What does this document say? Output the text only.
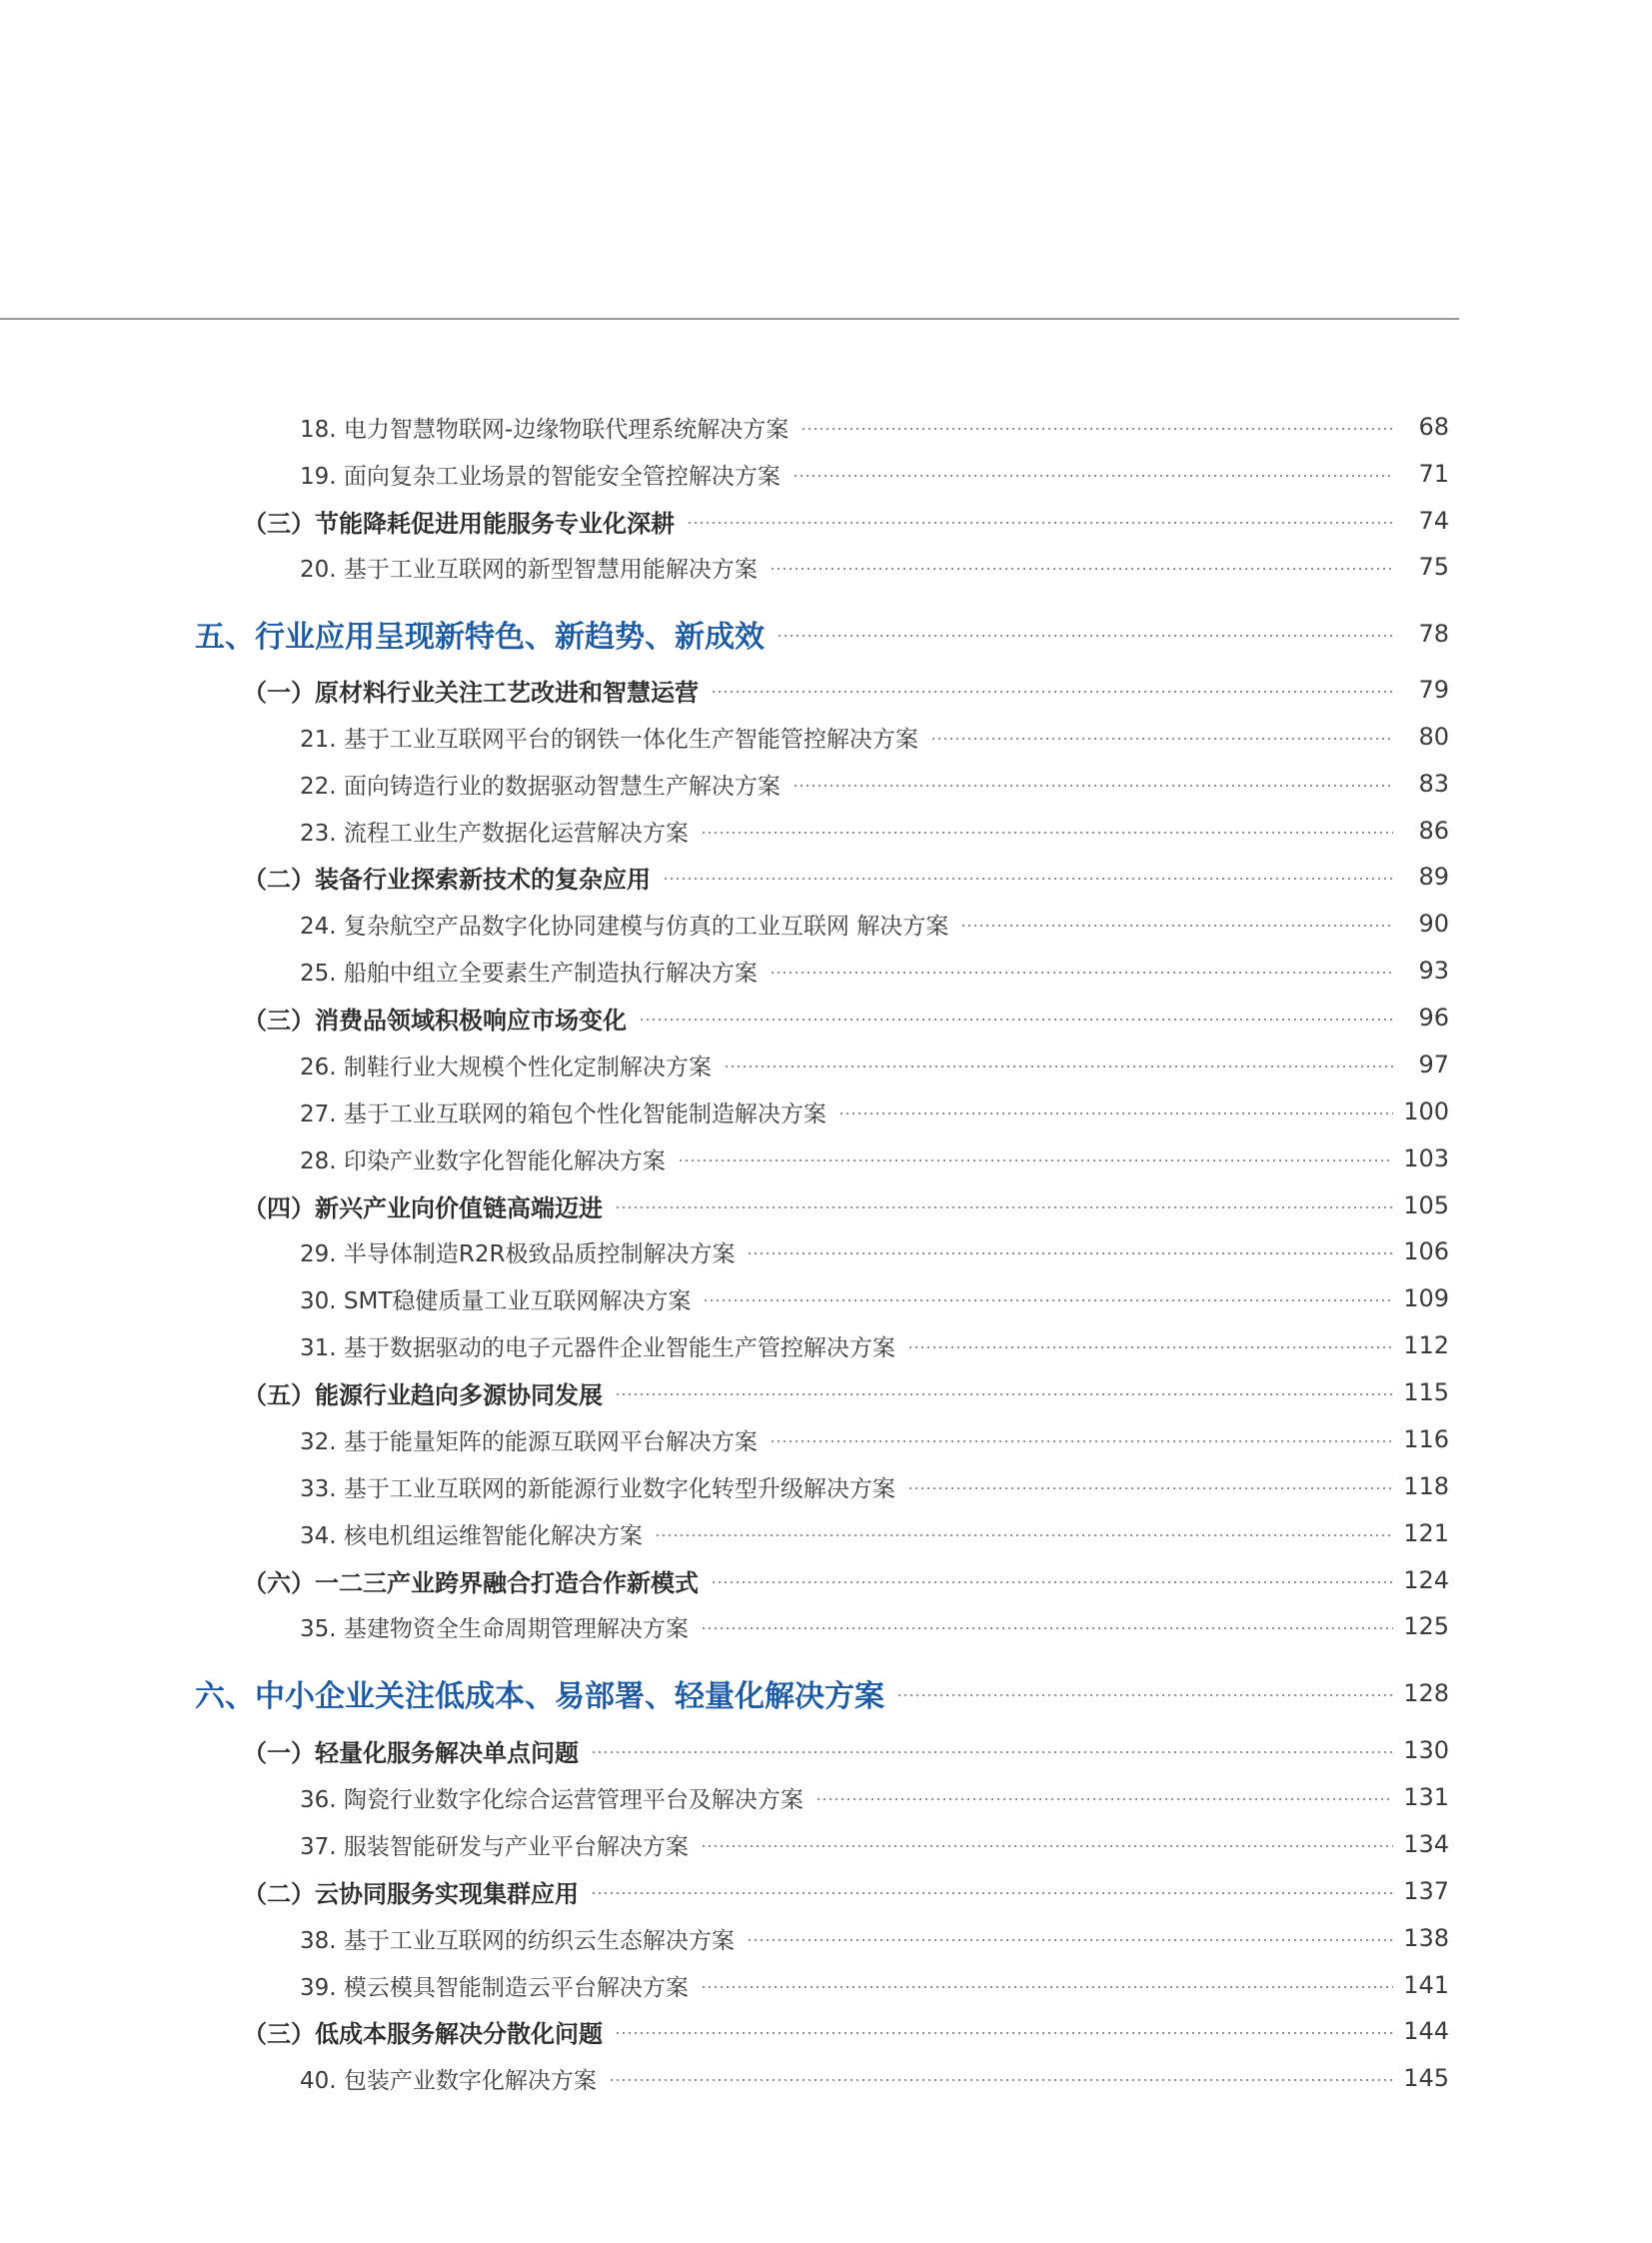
18. 电力智慧物联网-边缘物联代理系统解决方案	68
19. 面向复杂工业场景的智能安全管控解决方案	71
（三）节能降耗促进用能服务专业化深耕	74
20. 基于工业互联网的新型智慧用能解决方案	75
五、行业应用呈现新特色、新趋势、新成效	78
（一）原材料行业关注工艺改进和智慧运营	79
21. 基于工业互联网平台的钢铁一体化生产智能管控解决方案	80
22. 面向铸造行业的数据驱动智慧生产解决方案	83
23. 流程工业生产数据化运营解决方案	86
（二）装备行业探索新技术的复杂应用	89
24. 复杂航空产品数字化协同建模与仿真的工业互联网 解决方案	90
25. 船舶中组立全要素生产制造执行解决方案	93
（三）消费品领域积极响应市场变化	96
26. 制鞋行业大规模个性化定制解决方案	97
27. 基于工业互联网的箱包个性化智能制造解决方案	100
28. 印染产业数字化智能化解决方案	103
（四）新兴产业向价值链高端迈进	105
29. 半导体制造R2R极致品质控制解决方案	106
30. SMT稳健质量工业互联网解决方案	109
31. 基于数据驱动的电子元器件企业智能生产管控解决方案	112
（五）能源行业趋向多源协同发展	115
32. 基于能量矩阵的能源互联网平台解决方案	116
33. 基于工业互联网的新能源行业数字化转型升级解决方案	118
34. 核电机组运维智能化解决方案	121
（六）一二三产业跨界融合打造合作新模式	124
35. 基建物资全生命周期管理解决方案	125
六、中小企业关注低成本、易部署、轻量化解决方案	128
（一）轻量化服务解决单点问题	130
36. 陶瓷行业数字化综合运营管理平台及解决方案	131
37. 服装智能研发与产业平台解决方案	134
（二）云协同服务实现集群应用	137
38. 基于工业互联网的纺织云生态解决方案	138
39. 模云模具智能制造云平台解决方案	141
（三）低成本服务解决分散化问题	144
40. 包装产业数字化解决方案	145
